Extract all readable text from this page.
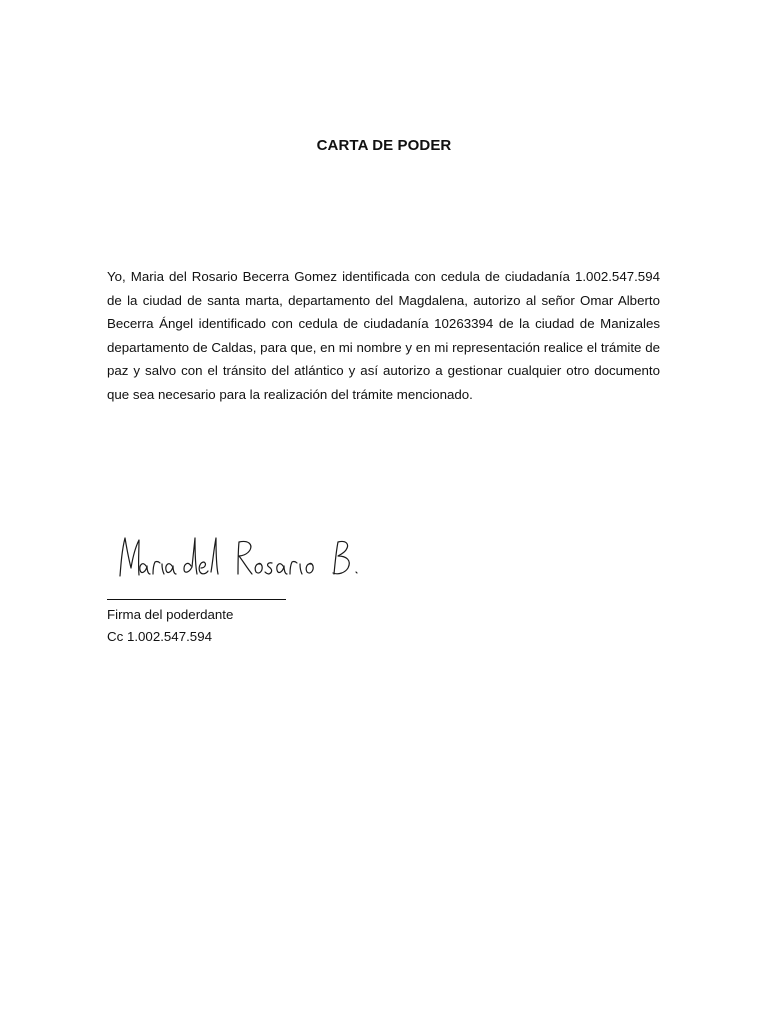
CARTA DE PODER

Yo, Maria del Rosario Becerra Gomez identificada con cedula de ciudadanía 1.002.547.594 de la ciudad de santa marta, departamento del Magdalena, autorizo al señor Omar Alberto Becerra Ángel identificado con cedula de ciudadanía 10263394 de la ciudad de Manizales departamento de Caldas, para que, en mi nombre y en mi representación realice el trámite de paz y salvo con el tránsito del atlántico y así autorizo a gestionar cualquier otro documento que sea necesario para la realización del trámite mencionado.

Firma del poderdante

Cc 1.002.547.594
